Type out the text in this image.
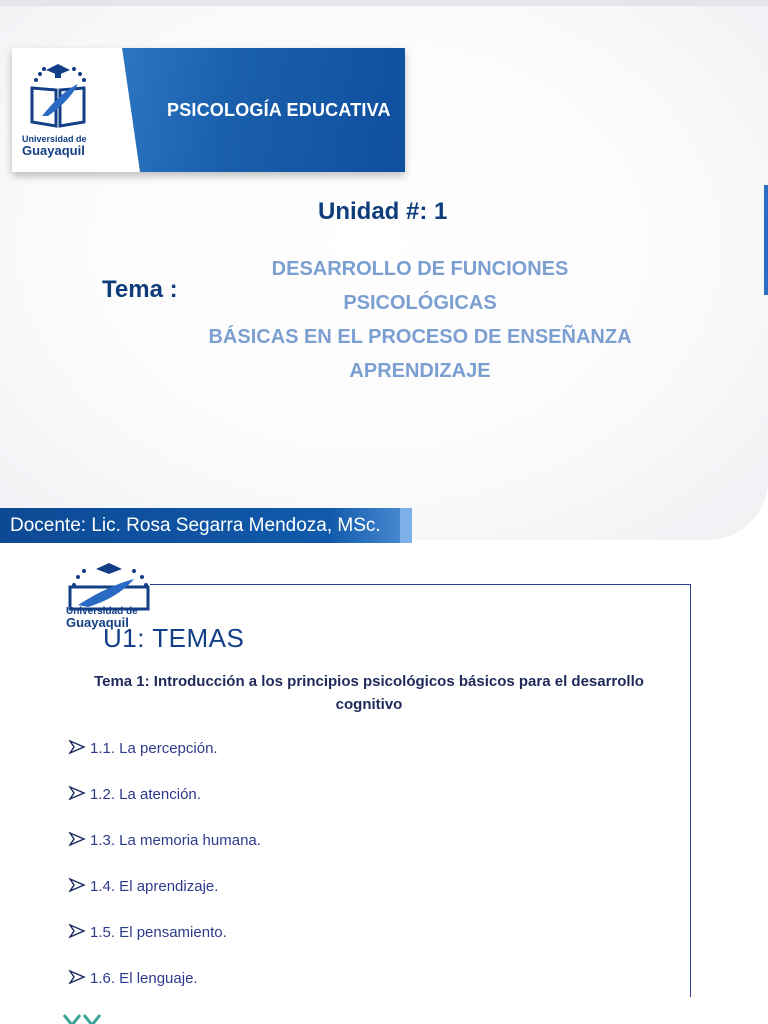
PSICOLOGÍA EDUCATIVA
Universidad de
Guayaquil
Unidad #: 1
Tema :
DESARROLLO DE FUNCIONES PSICOLÓGICAS
BÁSICAS EN EL PROCESO DE ENSEÑANZA
APRENDIZAJE
Docente: Lic. Rosa Segarra Mendoza, MSc.
Universidad de
Guayaquil
U1: TEMAS
Tema 1: Introducción a los principios psicológicos básicos para el desarrollo
cognitivo
1.1. La percepción.
1.2. La atención.
1.3. La memoria humana.
1.4. El aprendizaje.
1.5. El pensamiento.
1.6. El lenguaje.
